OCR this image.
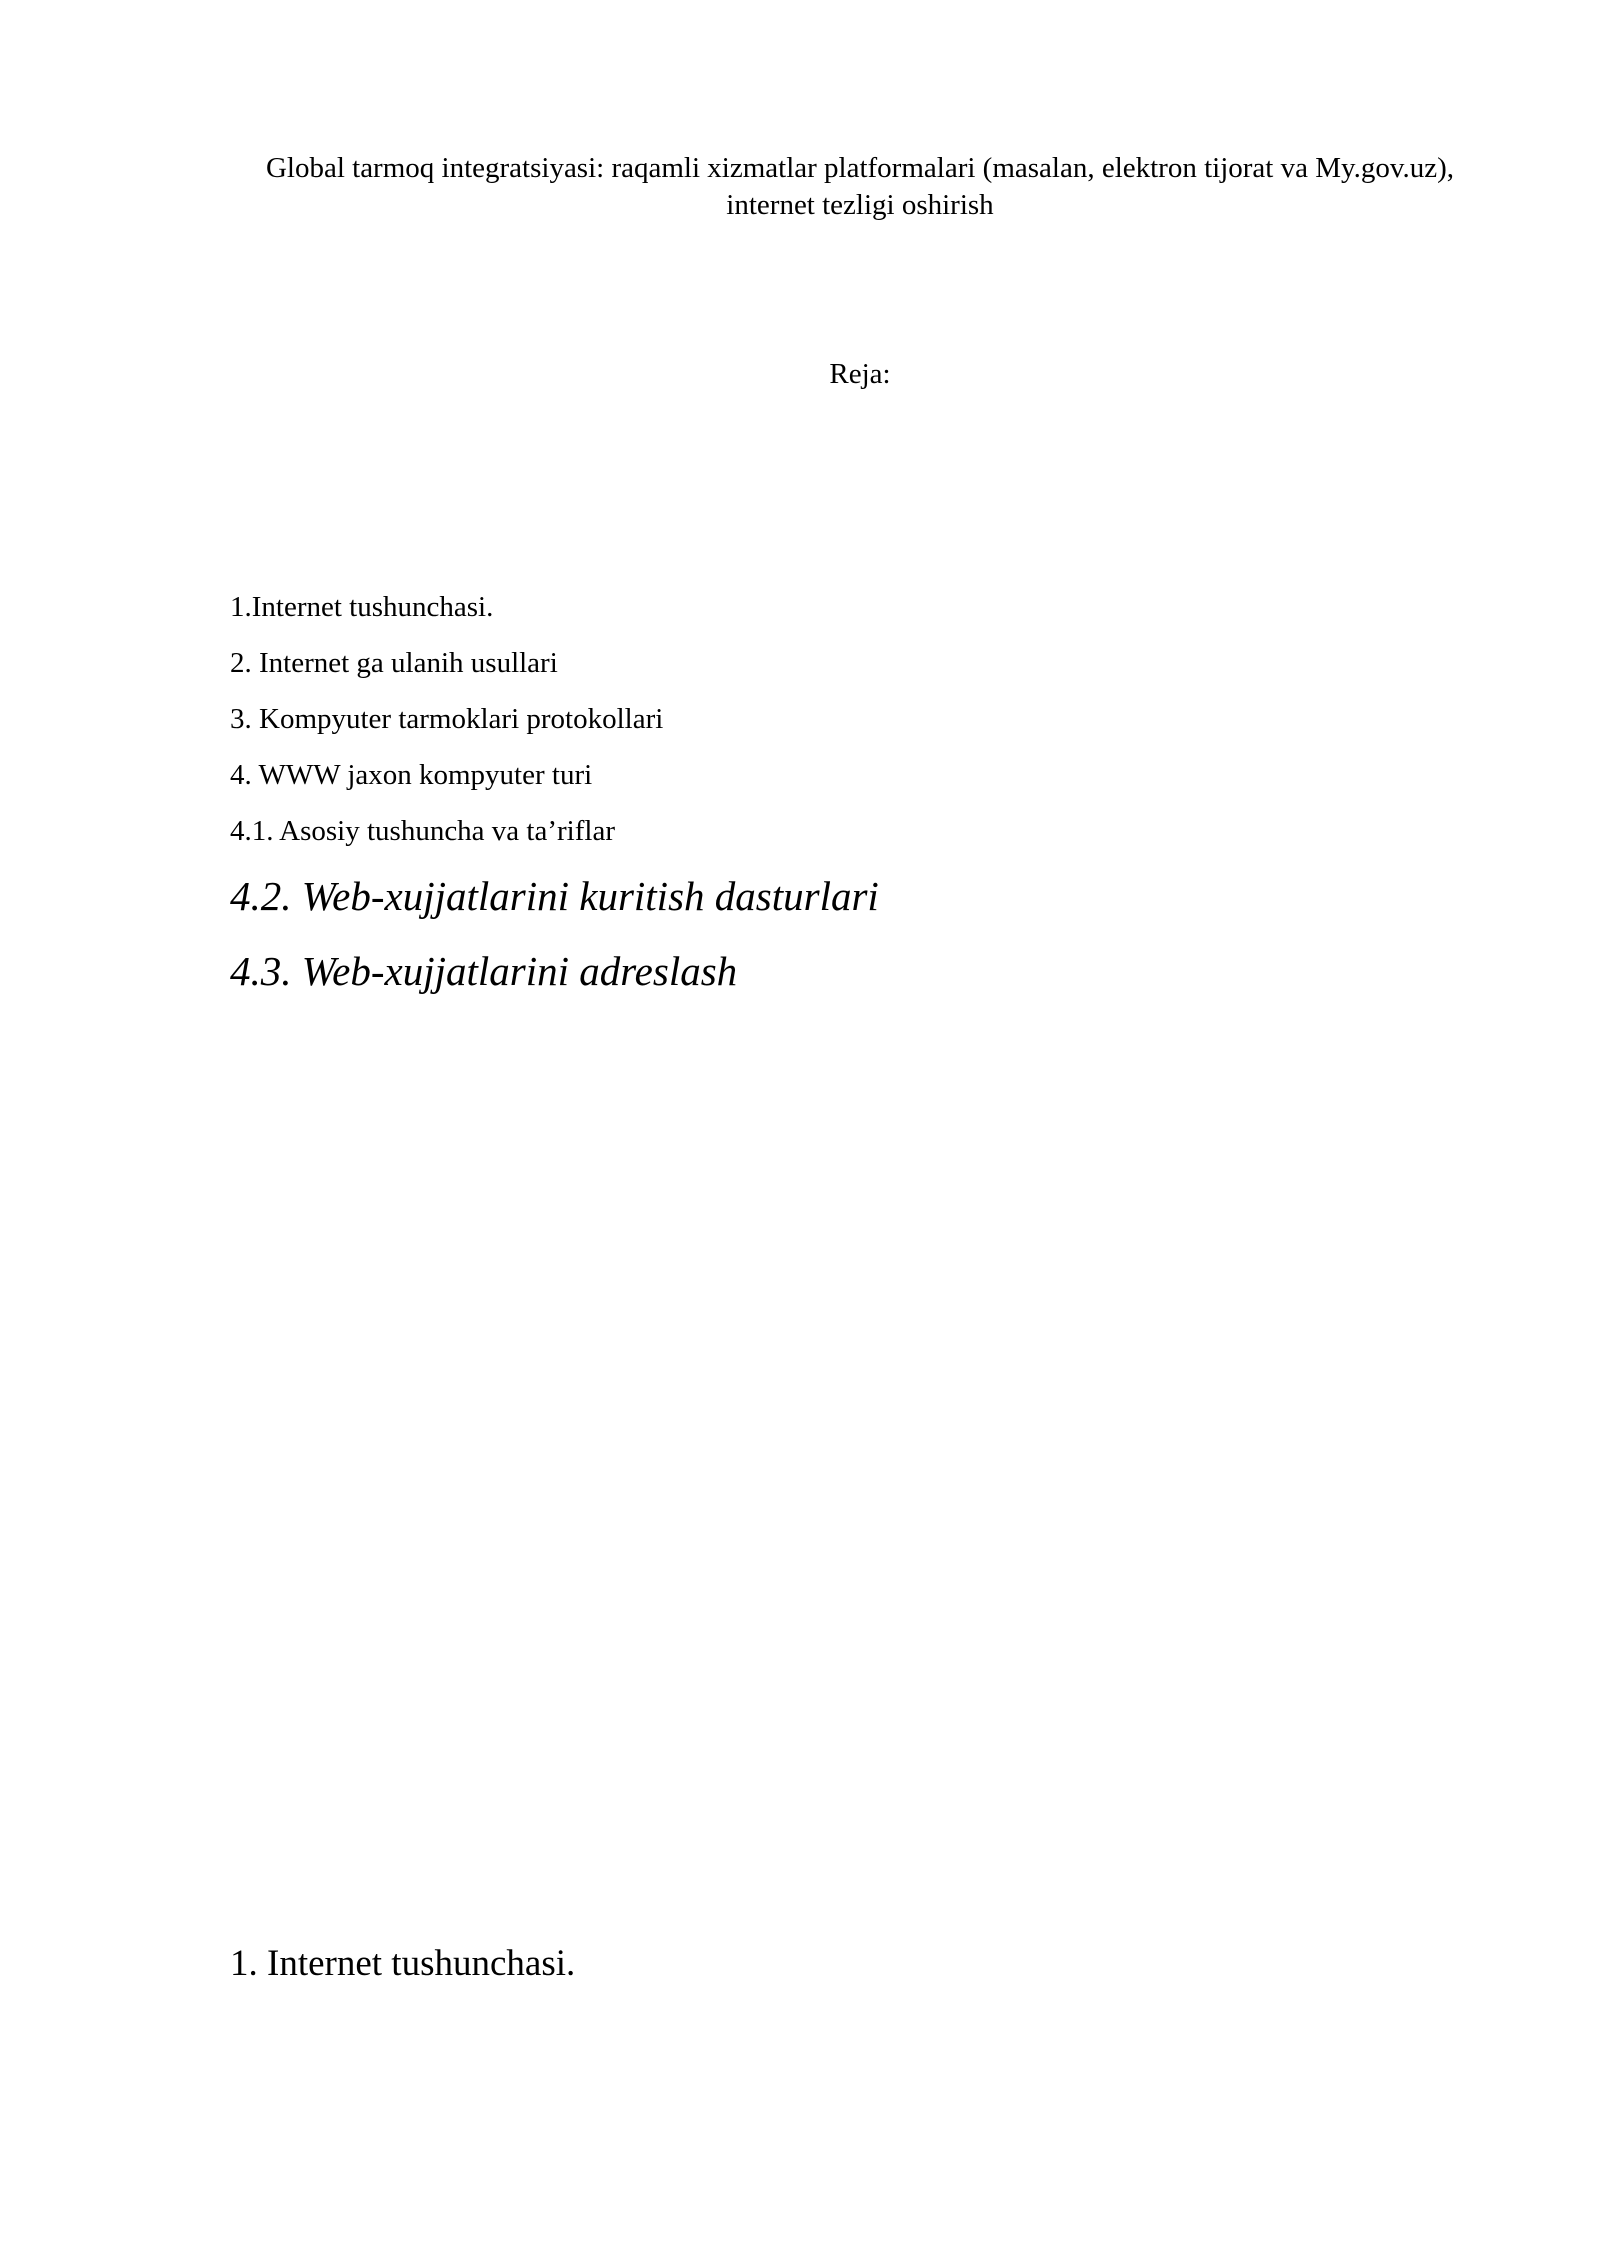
Global tarmoq integratsiyasi: raqamli xizmatlar platformalari (masalan, elektron tijorat va My.gov.uz), internet tezligi oshirish

Reja:

1.Internet tushunchasi.
2. Internet ga ulanih usullari
3. Kompyuter tarmoklari protokollari
4. WWW jaxon kompyuter turi
4.1. Asosiy tushuncha va ta’riflar
4.2. Web-xujjatlarini kuritish dasturlari
4.3. Web-xujjatlarini adreslash

1. Internet tushunchasi.
